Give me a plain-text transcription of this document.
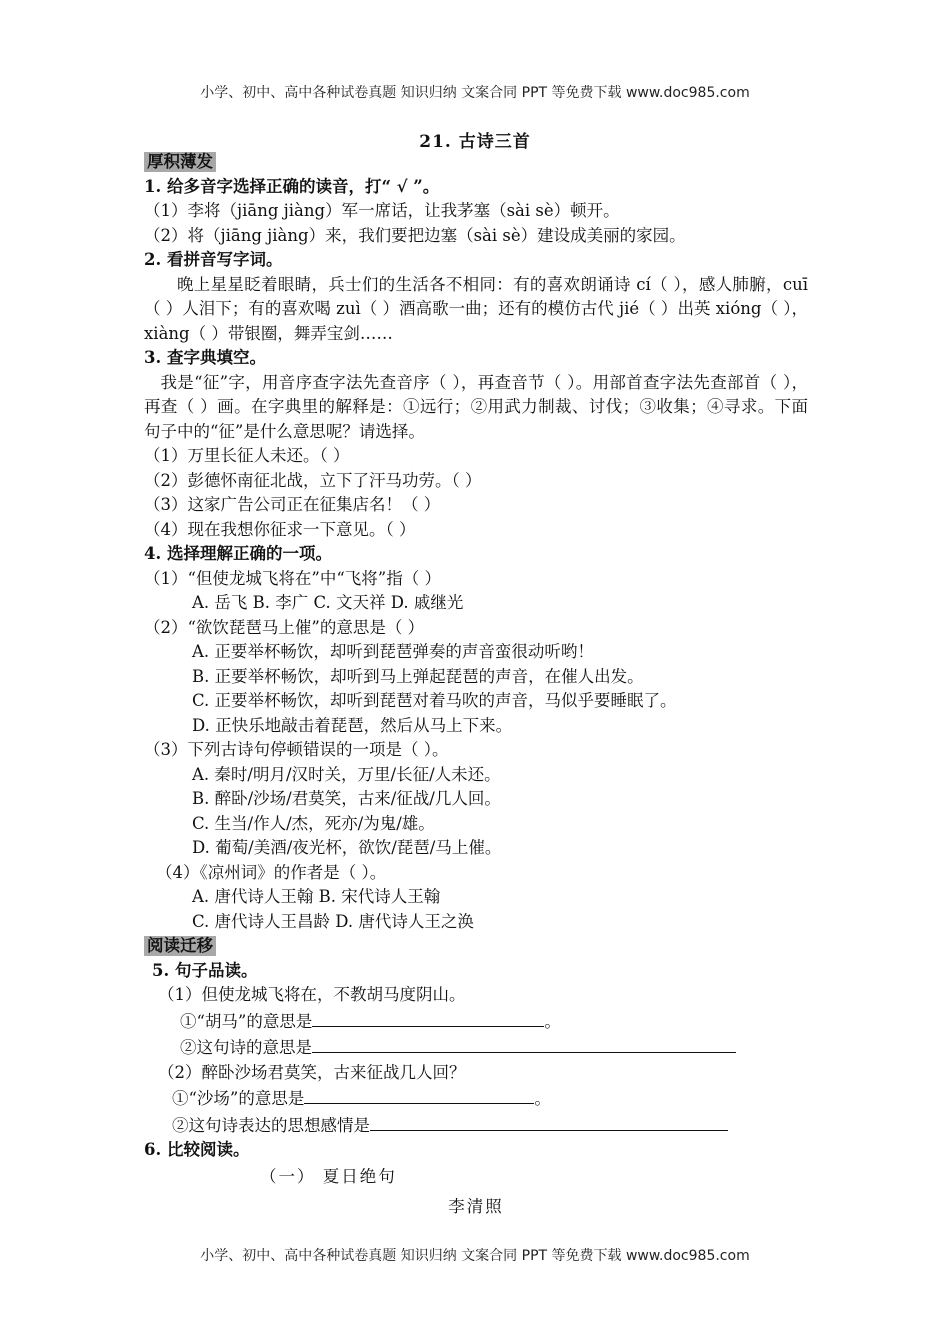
小学、初中、高中各种试卷真题 知识归纳 文案合同 PPT 等免费下载 www.doc985.com
21. 古诗三首
厚积薄发
1. 给多音字选择正确的读音，打“ √ ”。
（1）李将（jiāng jiàng）军一席话，让我茅塞（sài sè）顿开。
（2）将（jiāng jiàng）来，我们要把边塞（sài sè）建设成美丽的家园。
2. 看拼音写字词。
晚上星星眨着眼睛，兵士们的生活各不相同：有的喜欢朗诵诗 cí（ ），感人肺腑，cuī（ ）人泪下；有的喜欢喝 zuì（ ）酒高歌一曲；还有的模仿古代 jié（ ）出英 xióng（ ），xiàng（ ）带银圈，舞弄宝剑……
3. 查字典填空。
我是“征”字，用音序查字法先查音序（ ），再查音节（ ）。用部首查字法先查部首（ ），再查（ ）画。在字典里的解释是：①远行；②用武力制裁、讨伐；③收集；④寻求。下面句子中的“征”是什么意思呢？请选择。
（1）万里长征人未还。（ ）
（2）彭德怀南征北战，立下了汗马功劳。（ ）
（3）这家广告公司正在征集店名！（ ）
（4）现在我想你征求一下意见。（ ）
4. 选择理解正确的一项。
（1）“但使龙城飞将在”中“飞将”指（ ）
A. 岳飞 B. 李广 C. 文天祥 D. 戚继光
（2）“欲饮琵琶马上催”的意思是（ ）
A. 正要举杯畅饮，却听到琵琶弹奏的声音蛮很动听哟！
B. 正要举杯畅饮，却听到马上弹起琵琶的声音，在催人出发。
C. 正要举杯畅饮，却听到琵琶对着马吹的声音，马似乎要睡眠了。
D. 正快乐地敲击着琵琶，然后从马上下来。
（3）下列古诗句停顿错误的一项是（ ）。
A. 秦时/明月/汉时关，万里/长征/人未还。
B. 醉卧/沙场/君莫笑，古来/征战/几人回。
C. 生当/作人/杰，死亦/为鬼/雄。
D. 葡萄/美酒/夜光杯，欲饮/琵琶/马上催。
（4）《凉州词》的作者是（ ）。
A. 唐代诗人王翰 B. 宋代诗人王翰
C. 唐代诗人王昌龄 D. 唐代诗人王之涣
阅读迁移
5. 句子品读。
（1）但使龙城飞将在，不教胡马度阴山。
①“胡马”的意思是	。
②这句诗的意思是
（2）醉卧沙场君莫笑，古来征战几人回？
①“沙场”的意思是	。
②这句诗表达的思想感情是
6. 比较阅读。
（一） 夏日绝句
李清照
小学、初中、高中各种试卷真题 知识归纳 文案合同 PPT 等免费下载 www.doc985.com
